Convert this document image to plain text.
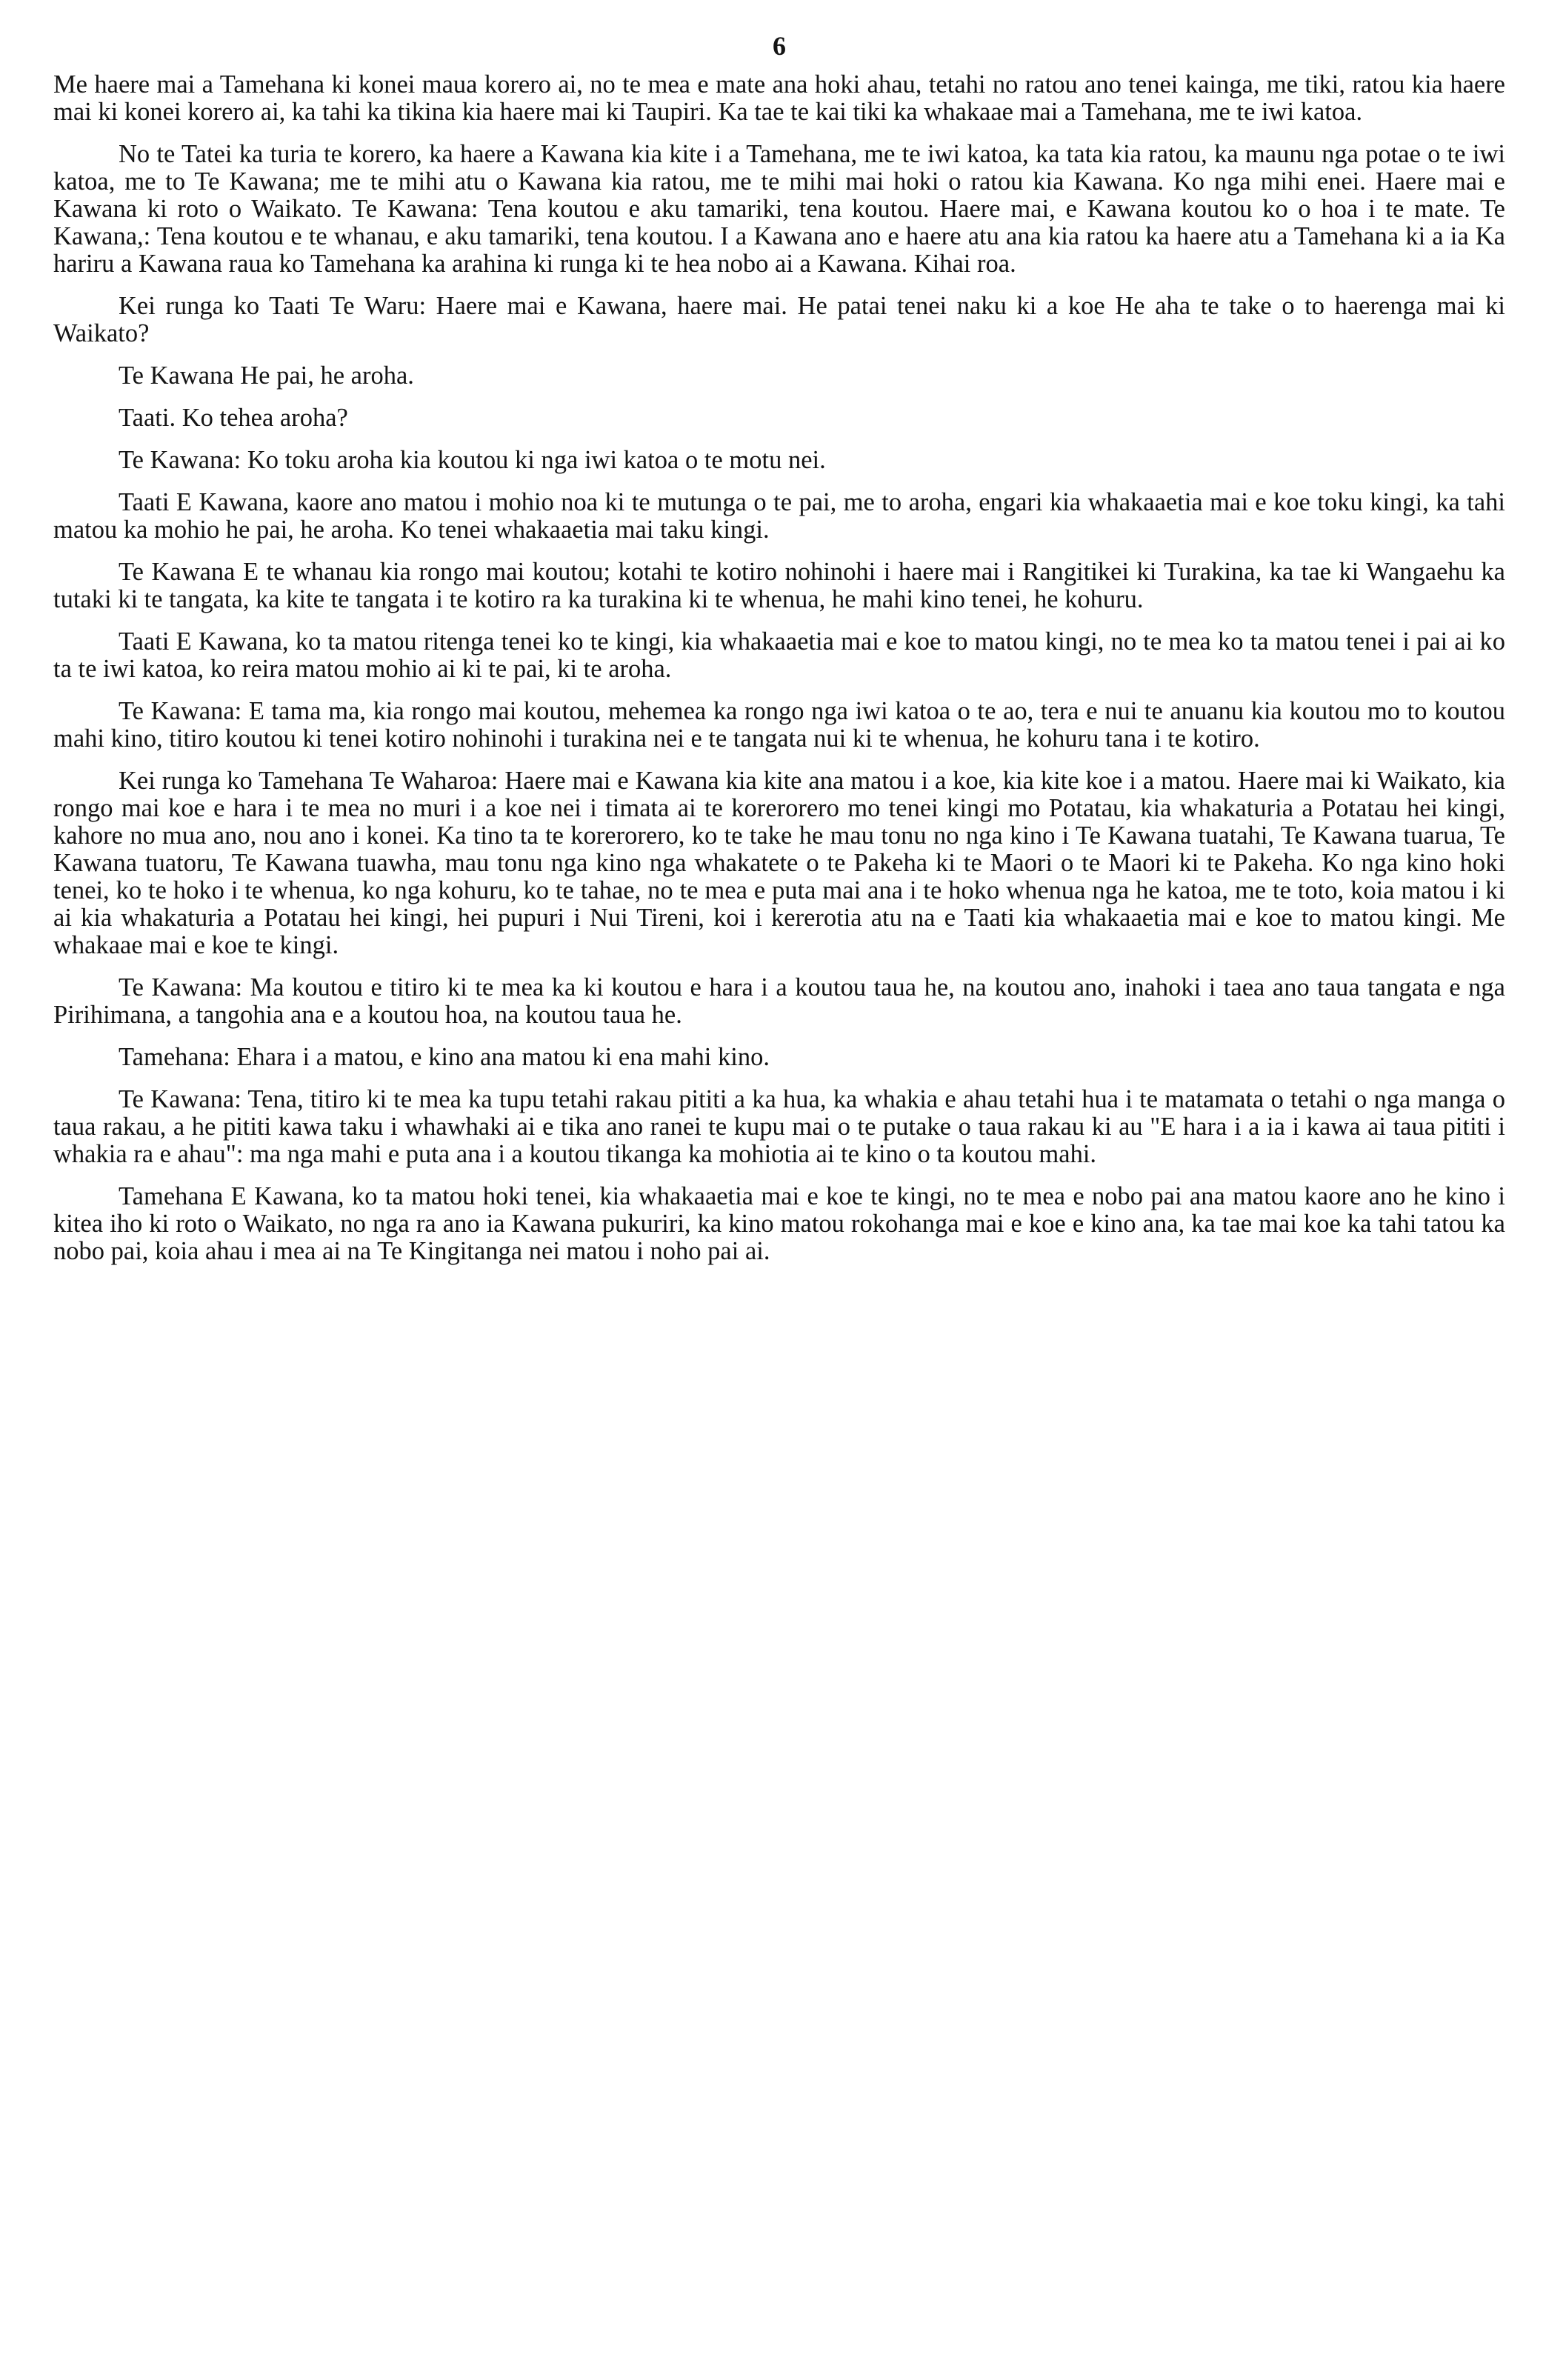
6

Me haere mai a Tamehana ki konei maua korero ai, no te mea e mate ana hoki ahau, tetahi no ratou ano tenei kainga, me tiki, ratou kia haere mai ki konei korero ai, ka tahi ka tikina kia haere mai ki Taupiri. Ka tae te kai tiki ka whakaae mai a Tamehana, me te iwi katoa.

No te Tatei ka turia te korero, ka haere a Kawana kia kite i a Tamehana, me te iwi katoa, ka tata kia ratou, ka maunu nga potae o te iwi katoa, me to Te Kawana; me te mihi atu o Kawana kia ratou, me te mihi mai hoki o ratou kia Kawana. Ko nga mihi enei. Haere mai e Kawana ki roto o Waikato. Te Kawana: Tena koutou e aku tamariki, tena koutou. Haere mai, e Kawana koutou ko o hoa i te mate. Te Kawana,: Tena koutou e te whanau, e aku tamariki, tena koutou. I a Kawana ano e haere atu ana kia ratou ka haere atu a Tamehana ki a ia Ka hariru a Kawana raua ko Tamehana ka arahina ki runga ki te hea nobo ai a Kawana. Kihai roa.

Kei runga ko Taati Te Waru: Haere mai e Kawana, haere mai. He patai tenei naku ki a koe He aha te take o to haerenga mai ki Waikato?

Te Kawana He pai, he aroha.

Taati. Ko tehea aroha?

Te Kawana: Ko toku aroha kia koutou ki nga iwi katoa o te motu nei.

Taati E Kawana, kaore ano matou i mohio noa ki te mutunga o te pai, me to aroha, engari kia whakaaetia mai e koe toku kingi, ka tahi matou ka mohio he pai, he aroha. Ko tenei whakaaetia mai taku kingi.

Te Kawana E te whanau kia rongo mai koutou; kotahi te kotiro nohinohi i haere mai i Rangitikei ki Turakina, ka tae ki Wangaehu ka tutaki ki te tangata, ka kite te tangata i te kotiro ra ka turakina ki te whenua, he mahi kino tenei, he kohuru.

Taati E Kawana, ko ta matou ritenga tenei ko te kingi, kia whakaaetia mai e koe to matou kingi, no te mea ko ta matou tenei i pai ai ko ta te iwi katoa, ko reira matou mohio ai ki te pai, ki te aroha.

Te Kawana: E tama ma, kia rongo mai koutou, mehemea ka rongo nga iwi katoa o te ao, tera e nui te anuanu kia koutou mo to koutou mahi kino, titiro koutou ki tenei kotiro nohinohi i turakina nei e te tangata nui ki te whenua, he kohuru tana i te kotiro.

Kei runga ko Tamehana Te Waharoa: Haere mai e Kawana kia kite ana matou i a koe, kia kite koe i a matou. Haere mai ki Waikato, kia rongo mai koe e hara i te mea no muri i a koe nei i timata ai te korerorero mo tenei kingi mo Potatau, kia whakaturia a Potatau hei kingi, kahore no mua ano, nou ano i konei. Ka tino ta te korerorero, ko te take he mau tonu no nga kino i Te Kawana tuatahi, Te Kawana tuarua, Te Kawana tuatoru, Te Kawana tuawha, mau tonu nga kino nga whakatete o te Pakeha ki te Maori o te Maori ki te Pakeha. Ko nga kino hoki tenei, ko te hoko i te whenua, ko nga kohuru, ko te tahae, no te mea e puta mai ana i te hoko whenua nga he katoa, me te toto, koia matou i ki ai kia whakaturia a Potatau hei kingi, hei pupuri i Nui Tireni, koi i kererotia atu na e Taati kia whakaaetia mai e koe to matou kingi. Me whakaae mai e koe te kingi.

Te Kawana: Ma koutou e titiro ki te mea ka ki koutou e hara i a koutou taua he, na koutou ano, inahoki i taea ano taua tangata e nga Pirihimana, a tangohia ana e a koutou hoa, na koutou taua he.

Tamehana: Ehara i a matou, e kino ana matou ki ena mahi kino.

Te Kawana: Tena, titiro ki te mea ka tupu tetahi rakau pititi a ka hua, ka whakia e ahau tetahi hua i te matamata o tetahi o nga manga o taua rakau, a he pititi kawa taku i whawhaki ai e tika ano ranei te kupu mai o te putake o taua rakau ki au "E hara i a ia i kawa ai taua pititi i whakia ra e ahau": ma nga mahi e puta ana i a koutou tikanga ka mohiotia ai te kino o ta koutou mahi.

Tamehana E Kawana, ko ta matou hoki tenei, kia whakaaetia mai e koe te kingi, no te mea e nobo pai ana matou kaore ano he kino i kitea iho ki roto o Waikato, no nga ra ano ia Kawana pukuriri, ka kino matou rokohanga mai e koe e kino ana, ka tae mai koe ka tahi tatou ka nobo pai, koia ahau i mea ai na Te Kingitanga nei matou i noho pai ai.
